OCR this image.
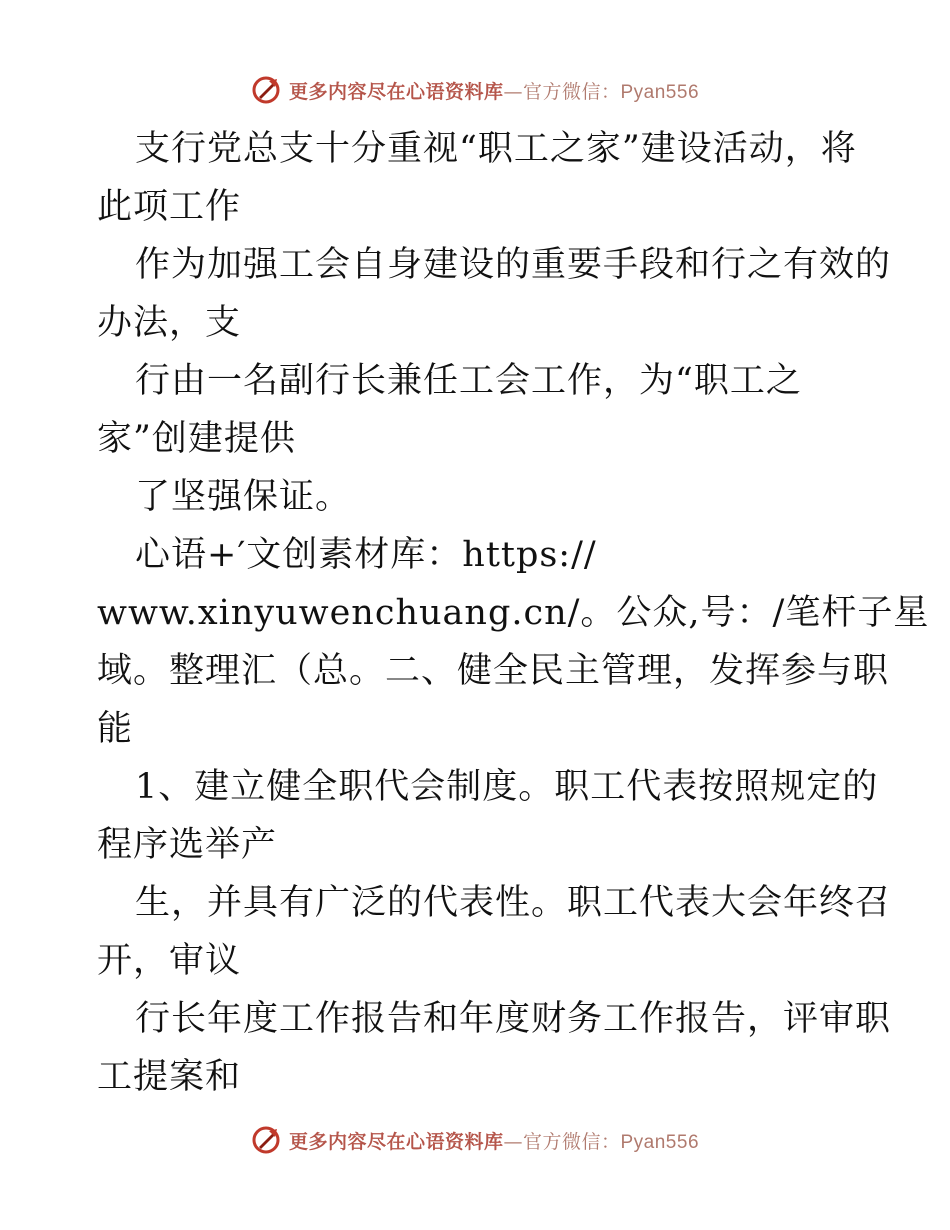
更多内容尽在心语资料库—官方微信：Pyan556
支行党总支十分重视“职工之家”建设活动，将
此项工作
作为加强工会自身建设的重要手段和行之有效的
办法，支
行由一名副行长兼任工会工作，为“职工之
家”创建提供
了坚强保证。
心语+′文创素材库：https://
www.xinyuwenchuang.cn/。公众,号：/笔杆子星
域。整理汇（总。二、健全民主管理，发挥参与职
能
1、建立健全职代会制度。职工代表按照规定的
程序选举产
生，并具有广泛的代表性。职工代表大会年终召
开，审议
行长年度工作报告和年度财务工作报告，评审职
工提案和
更多内容尽在心语资料库—官方微信：Pyan556
